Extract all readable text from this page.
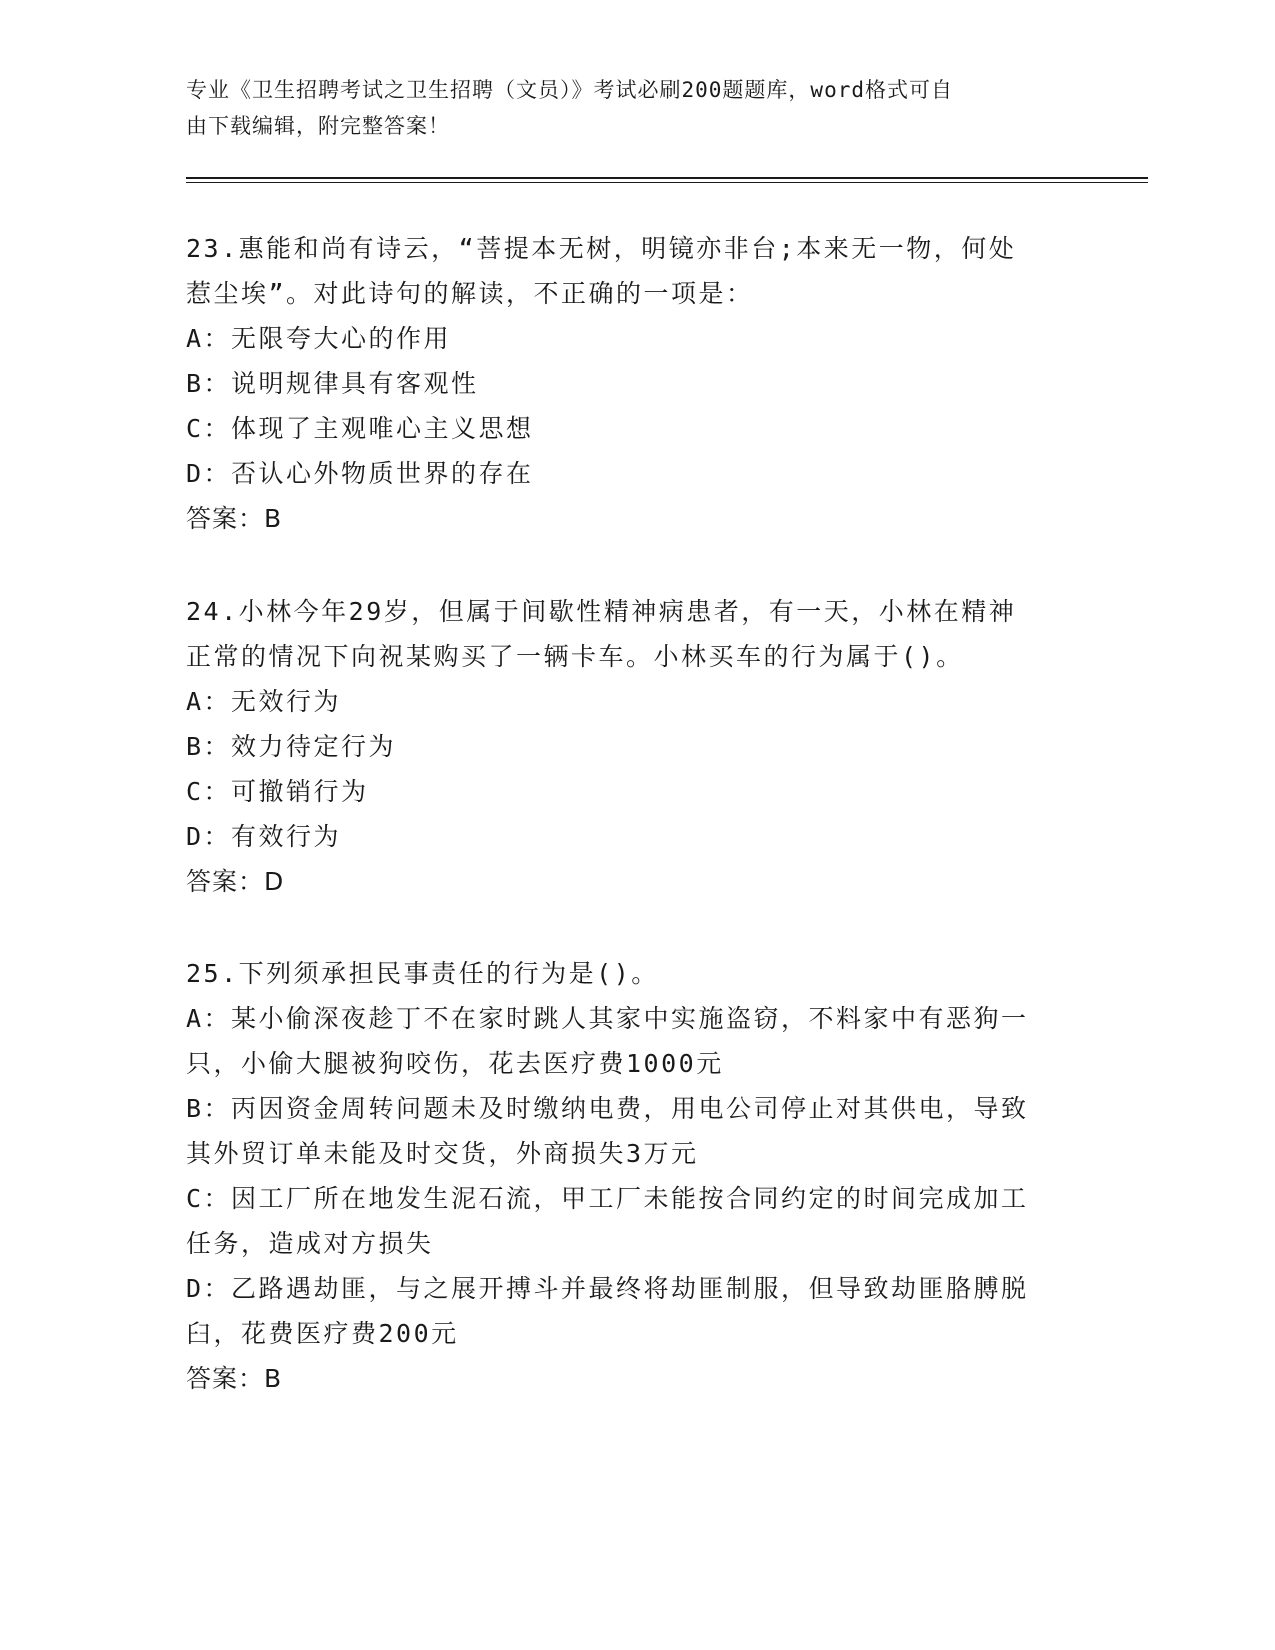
专业《卫生招聘考试之卫生招聘（文员）》考试必刷200题题库，word格式可自
由下载编辑，附完整答案！
23.惠能和尚有诗云，“菩提本无树，明镜亦非台;本来无一物，何处
惹尘埃”。对此诗句的解读，不正确的一项是：
A：无限夸大心的作用
B：说明规律具有客观性
C：体现了主观唯心主义思想
D：否认心外物质世界的存在
答案：B
24.小林今年29岁，但属于间歇性精神病患者，有一天，小林在精神
正常的情况下向祝某购买了一辆卡车。小林买车的行为属于()。
A：无效行为
B：效力待定行为
C：可撤销行为
D：有效行为
答案：D
25.下列须承担民事责任的行为是()。
A：某小偷深夜趁丁不在家时跳人其家中实施盗窃，不料家中有恶狗一
只，小偷大腿被狗咬伤，花去医疗费1000元
B：丙因资金周转问题未及时缴纳电费，用电公司停止对其供电，导致
其外贸订单未能及时交货，外商损失3万元
C：因工厂所在地发生泥石流，甲工厂未能按合同约定的时间完成加工
任务，造成对方损失
D：乙路遇劫匪，与之展开搏斗并最终将劫匪制服，但导致劫匪胳膊脱
臼，花费医疗费200元
答案：B
